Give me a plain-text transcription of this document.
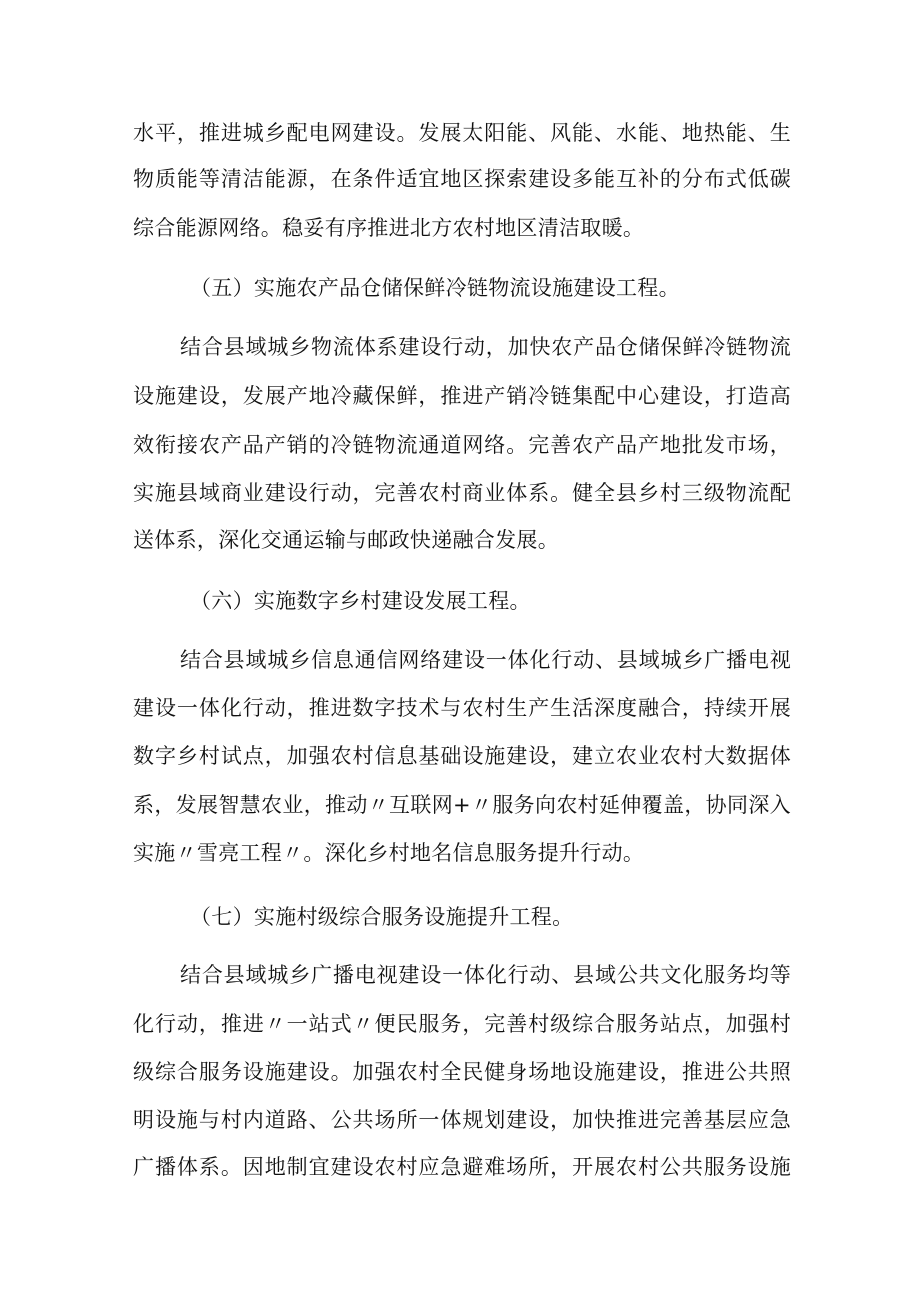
水平，推进城乡配电网建设。发展太阳能、风能、水能、地热能、生
物质能等清洁能源，在条件适宜地区探索建设多能互补的分布式低碳
综合能源网络。稳妥有序推进北方农村地区清洁取暖。
（五）实施农产品仓储保鲜冷链物流设施建设工程。
结合县域城乡物流体系建设行动，加快农产品仓储保鲜冷链物流
设施建设，发展产地冷藏保鲜，推进产销冷链集配中心建设，打造高
效衔接农产品产销的冷链物流通道网络。完善农产品产地批发市场，
实施县域商业建设行动，完善农村商业体系。健全县乡村三级物流配
送体系，深化交通运输与邮政快递融合发展。
（六）实施数字乡村建设发展工程。
结合县域城乡信息通信网络建设一体化行动、县域城乡广播电视
建设一体化行动，推进数字技术与农村生产生活深度融合，持续开展
数字乡村试点，加强农村信息基础设施建设，建立农业农村大数据体
系，发展智慧农业，推动〃互联网+〃服务向农村延伸覆盖，协同深入
实施〃雪亮工程〃。深化乡村地名信息服务提升行动。
（七）实施村级综合服务设施提升工程。
结合县域城乡广播电视建设一体化行动、县域公共文化服务均等
化行动，推进〃一站式〃便民服务，完善村级综合服务站点，加强村
级综合服务设施建设。加强农村全民健身场地设施建设，推进公共照
明设施与村内道路、公共场所一体规划建设，加快推进完善基层应急
广播体系。因地制宜建设农村应急避难场所，开展农村公共服务设施
